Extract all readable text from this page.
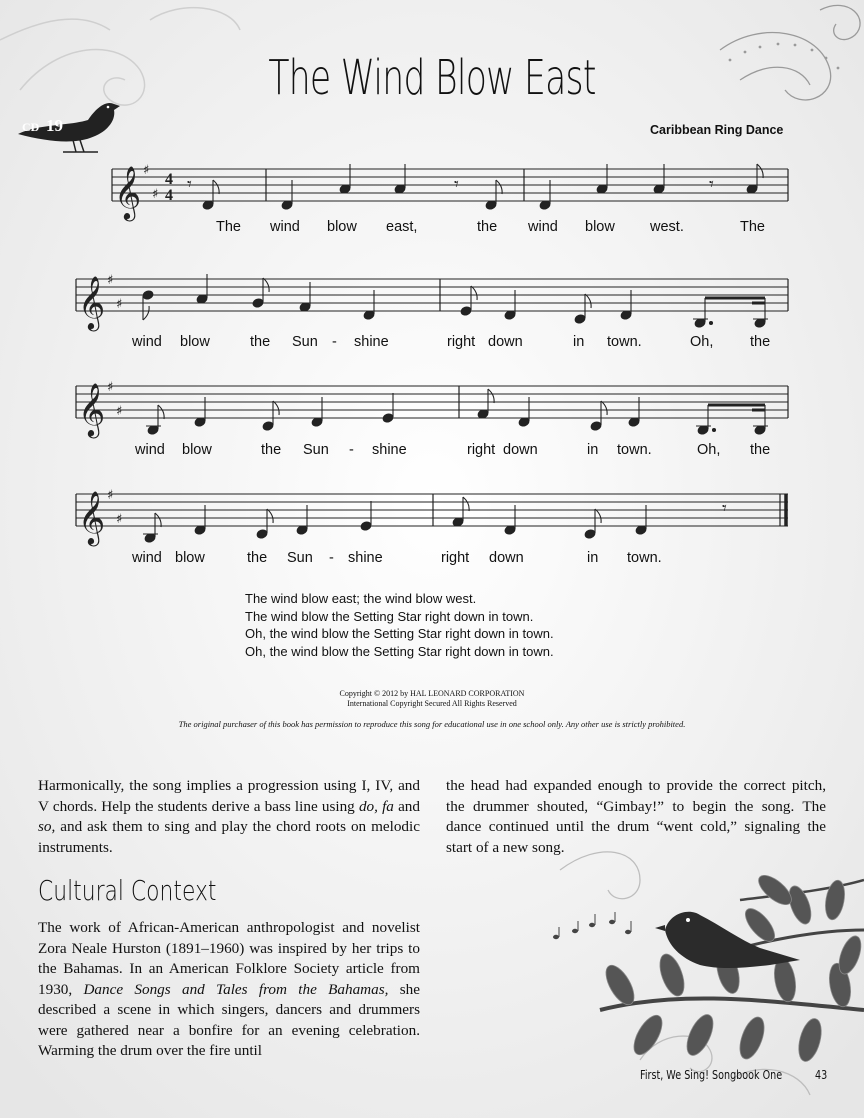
CD 19
The Wind Blow East
Caribbean Ring Dance
𝄞
𝄞
𝄞
𝄞
♯
♯
♯
♯
♯
♯
♯
♯
4
4
𝄾	𝄾	𝄾
𝄾
The wind blow east,	the wind blow west.	The
wind blow	the Sun - shine	right down	in town.	Oh,	the
wind blow	the Sun - shine	right down	in town.	Oh, the
wind blow	the Sun - shine	right down	in town.
The wind blow east; the wind blow west.
The wind blow the Setting Star right down in town.
Oh, the wind blow the Setting Star right down in town.
Oh, the wind blow the Setting Star right down in town.
Copyright © 2012 by HAL LEONARD CORPORATION
International Copyright Secured All Rights Reserved
The original purchaser of this book has permission to reproduce this song for educational use in one school only. Any other use is strictly prohibited.

Harmonically, the song implies a progression using I, IV, and V chords. Help the students derive a bass line using do, fa and so, and ask them to sing and play the chord roots on melodic instruments.

the head had expanded enough to provide the correct pitch, the drummer shouted, “Gimbay!” to begin the song. The dance continued until the drum “went cold,” signaling the start of a new song.

Cultural Context

The work of African-American anthropologist and novelist Zora Neale Hurston (1891–1960) was inspired by her trips to the Bahamas. In an American Folklore Society article from 1930, Dance Songs and Tales from the Bahamas, she described a scene in which singers, dancers and drummers were gathered near a bonfire for an evening celebration. Warming the drum over the fire until

First, We Sing! Songbook One	43
